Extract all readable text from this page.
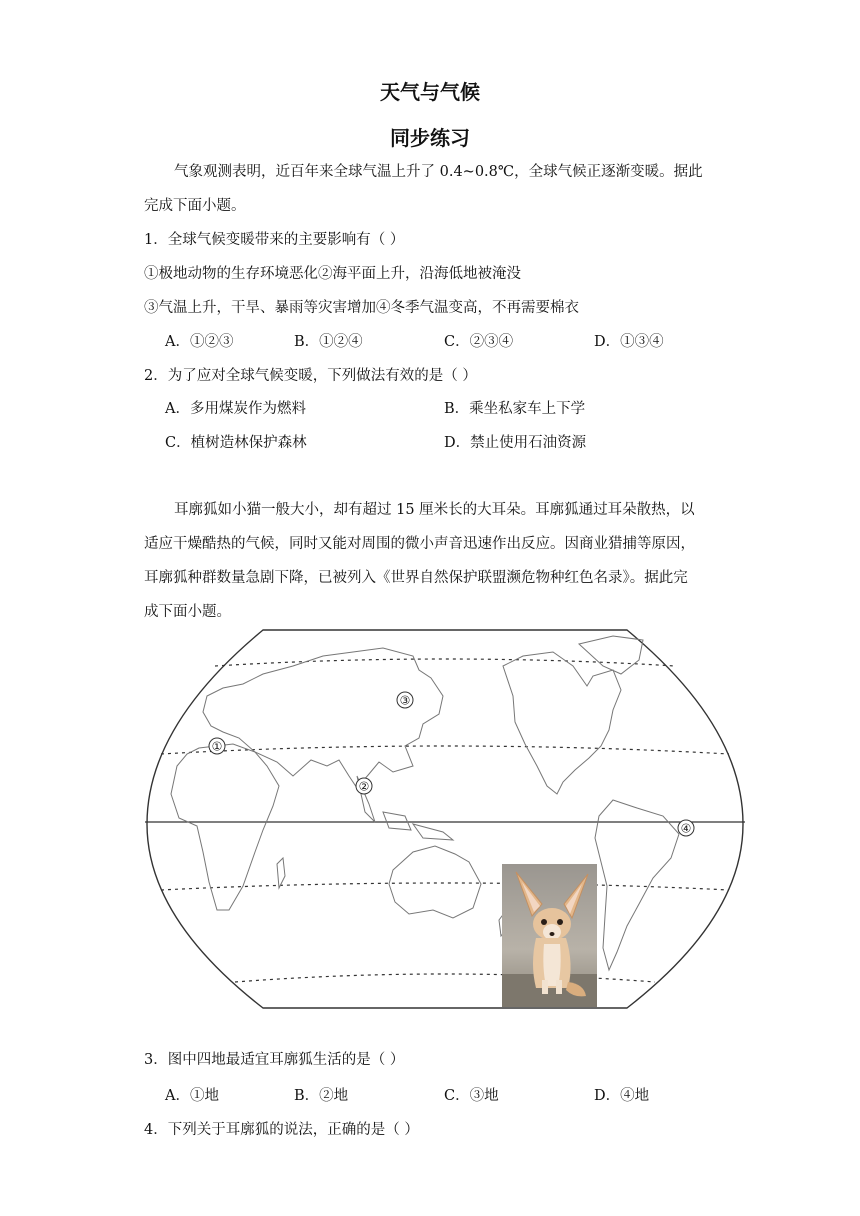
天气与气候
同步练习
气象观测表明，近百年来全球气温上升了 0.4~0.8℃，全球气候正逐渐变暖。据此
完成下面小题。
1．全球气候变暖带来的主要影响有（ ）
①极地动物的生存环境恶化②海平面上升，沿海低地被淹没
③气温上升，干旱、暴雨等灾害增加④冬季气温变高，不再需要棉衣
A．①②③	B．①②④	C．②③④	D．①③④
2．为了应对全球气候变暖，下列做法有效的是（ ）
A．多用煤炭作为燃料	B．乘坐私家车上下学
C．植树造林保护森林	D．禁止使用石油资源
耳廓狐如小猫一般大小，却有超过 15 厘米长的大耳朵。耳廓狐通过耳朵散热，以
适应干燥酷热的气候，同时又能对周围的微小声音迅速作出反应。因商业猎捕等原因，
耳廓狐种群数量急剧下降，已被列入《世界自然保护联盟濒危物种红色名录》。据此完
成下面小题。
①
②
③
④
3．图中四地最适宜耳廓狐生活的是（ ）
A．①地	B．②地	C．③地	D．④地
4．下列关于耳廓狐的说法，正确的是（ ）
